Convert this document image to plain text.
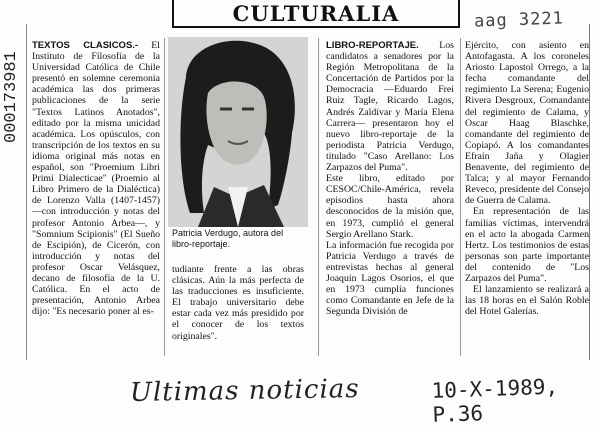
000173981
CULTURALIA	aag 3221

TEXTOS CLASICOS.- El Instituto de Filosofía de la Universidad Católica de Chile presentó en solemne ceremonia académica las dos primeras publicaciones de la serie "Textos Latinos Anotados", editado por la misma unicidad académica. Los opúsculos, con transcripción de los textos en su idioma original más notas en español, son "Proemium Libri Primi Dialecticae" (Proemio al Libro Primero de la Dialéctica) de Lorenzo Valla (1407-1457) —con introducción y notas del profesor Antonio Arbea—, y "Somnium Scipionis" (El Sueño de Escipión), de Cicerón, con introducción y notas del profesor Oscar Velásquez, decano de filosofía de la U. Católica. En el acto de presentación, Antonio Arbea dijo: "Es necesario poner al es-

Patricia Verdugo, autora del libro-reportaje.

tudiante frente a las obras clásicas. Aún la más perfecta de las traducciones es insuficiente. El trabajo universitario debe estar cada vez más presidido por el conocer de los textos originales".

LIBRO-REPORTAJE. Los candidatos a senadores por la Región Metropolitana de la Concertación de Partidos por la Democracia —Eduardo Frei Ruiz Tagle, Ricardo Lagos, Andrés Zaldívar y María Elena Carrera— presentaron hoy el nuevo libro-reportaje de la periodista Patricia Verdugo, titulado "Caso Arellano: Los Zarpazos del Puma".

Este libro, editado por CESOC/Chile-América, revela episodios hasta ahora desconocidos de la misión que, en 1973, cumplió el general Sergio Arellano Stark.

La información fue recogida por Patricia Verdugo a través de entrevistas hechas al general Joaquín Lagos Osorios, el que en 1973 cumplía funciones como Comandante en Jefe de la Segunda División de

Ejército, con asiento en Antofagasta. A los coroneles Ariosto Lapostol Orrego, a la fecha comandante del regimiento La Serena; Eugenio Rivera Desgroux, Comandante del regimiento de Calama, y Oscar Haag Blaschke, comandante del regimiento de Copiapó. A los comandantes Efraín Jaña y Olagier Benavente, del regimiento de Talca; y al mayor Fernando Reveco, presidente del Consejo de Guerra de Calama.

En representación de las familias víctimas, intervendrá en el acto la abogada Carmen Hertz. Los testimonios de estas personas son parte importante del contenido de "Los Zarpazos del Puma".

El lanzamiento se realizará a las 18 horas en el Salón Roble del Hotel Galerías.

Ultimas noticias	10-X-1989, P.36
